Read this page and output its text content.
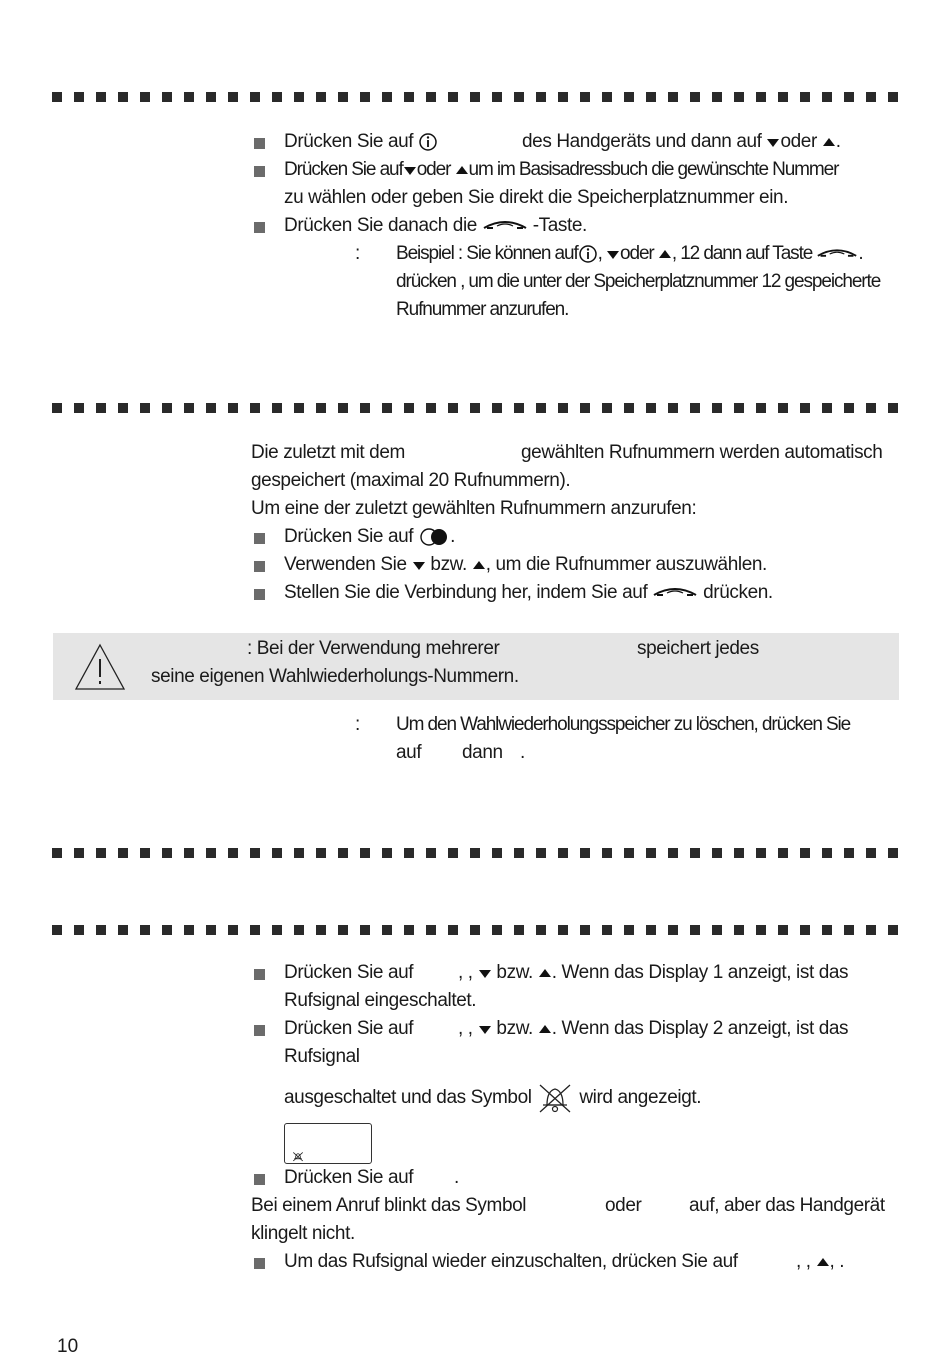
Drücken Sie auf	des Handgeräts und dann auf oder .
Drücken Sie auf oder um im Basisadressbuch die gewünschte Nummer
zu wählen oder geben Sie direkt die Speicherplatznummer ein.
Drücken Sie danach die	-Taste.
: Beispiel : Sie können auf , oder , 12 dann auf Taste .
drücken , um die unter der Speicherplatznummer 12 gespeicherte
Rufnummer anzurufen.
Die zuletzt mit dem	gewählten Rufnummern werden automatisch
gespeichert (maximal 20 Rufnummern).
Um eine der zuletzt gewählten Rufnummern anzurufen:
Drücken Sie auf .
Verwenden Sie bzw. , um die Rufnummer auszuwählen.
Stellen Sie die Verbindung her, indem Sie auf	drücken.
: Bei der Verwendung mehrerer	speichert jedes
seine eigenen Wahlwiederholungs-Nummern.
: Um den Wahlwiederholungsspeicher zu löschen, drücken Sie
auf dann .
Drücken Sie auf , , bzw. . Wenn das Display 1 anzeigt, ist das
Rufsignal eingeschaltet.
Drücken Sie auf , , bzw. . Wenn das Display 2 anzeigt, ist das
Rufsignal
ausgeschaltet und das Symbol	wird angezeigt.
Drücken Sie auf .
Bei einem Anruf blinkt das Symbol	oder	auf, aber das Handgerät
klingelt nicht.
Um das Rufsignal wieder einzuschalten, drücken Sie auf	, , , .
10
